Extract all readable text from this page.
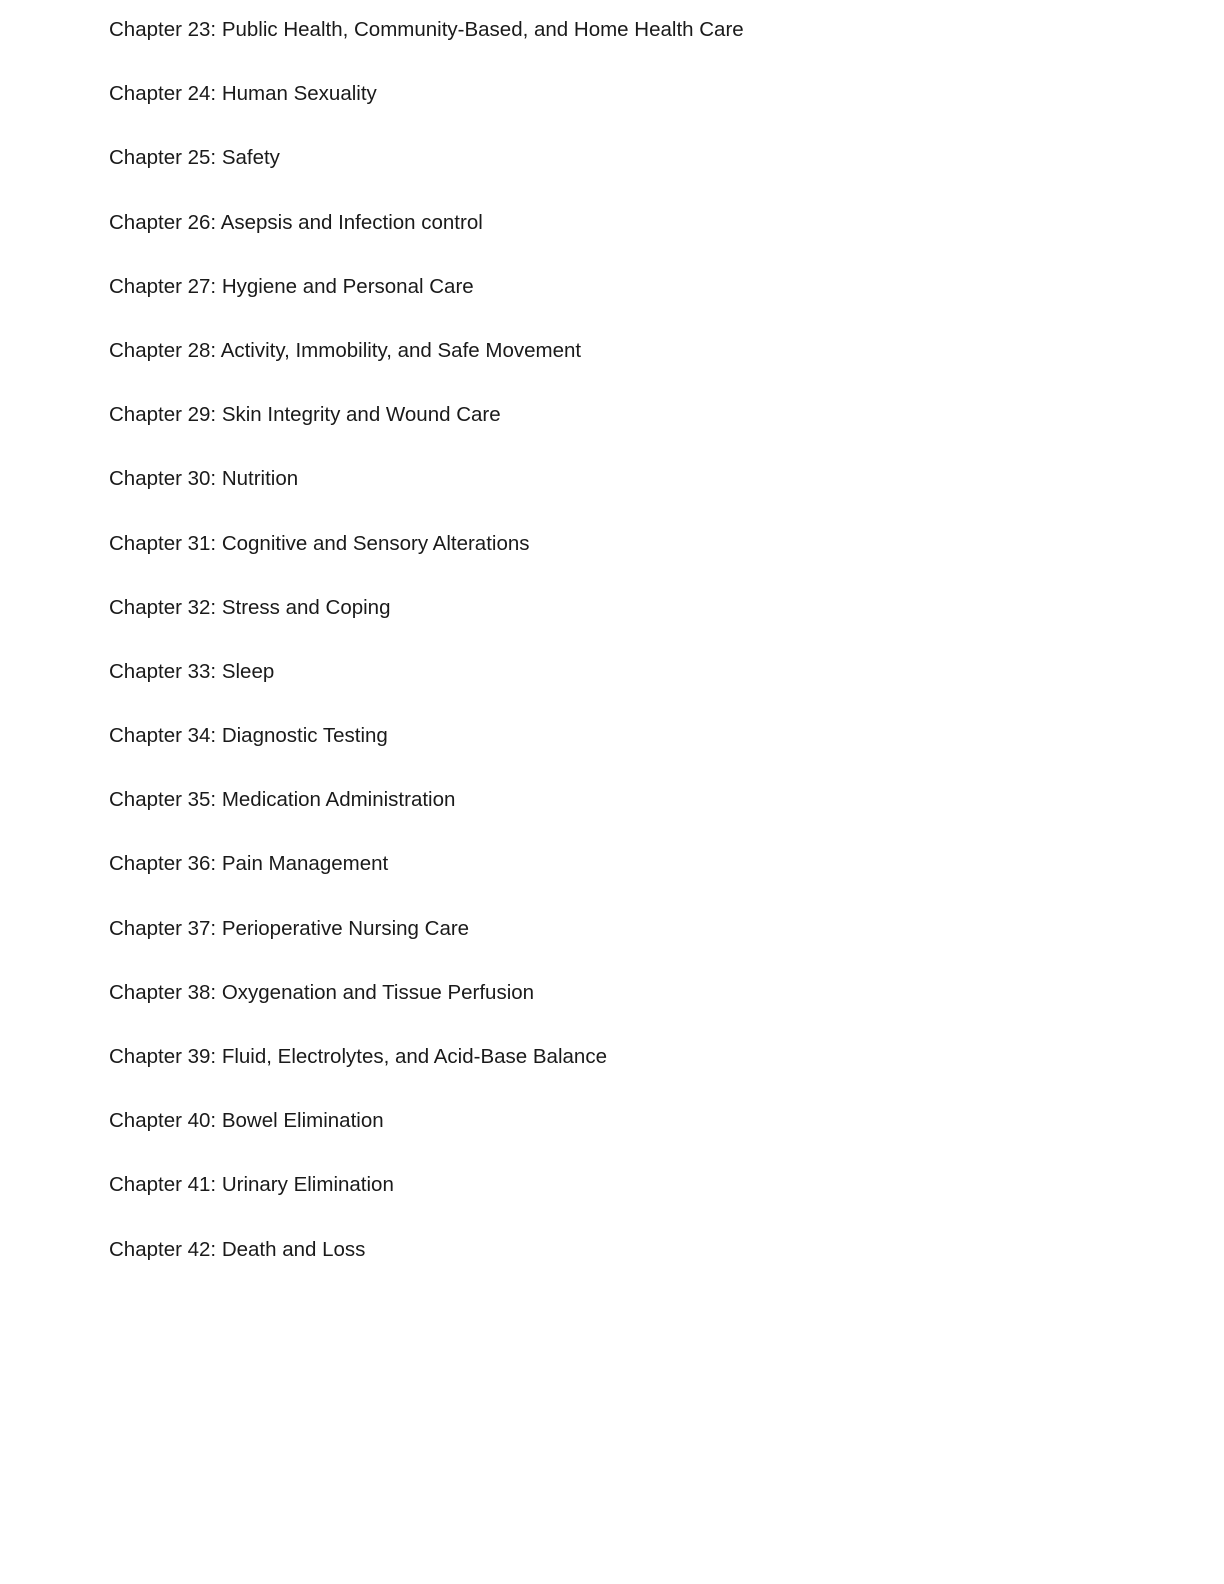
Chapter 23: Public Health, Community-Based, and Home Health Care
Chapter 24: Human Sexuality
Chapter 25: Safety
Chapter 26: Asepsis and Infection control
Chapter 27: Hygiene and Personal Care
Chapter 28: Activity, Immobility, and Safe Movement
Chapter 29: Skin Integrity and Wound Care
Chapter 30: Nutrition
Chapter 31: Cognitive and Sensory Alterations
Chapter 32: Stress and Coping
Chapter 33: Sleep
Chapter 34: Diagnostic Testing
Chapter 35: Medication Administration
Chapter 36: Pain Management
Chapter 37: Perioperative Nursing Care
Chapter 38: Oxygenation and Tissue Perfusion
Chapter 39: Fluid, Electrolytes, and Acid-Base Balance
Chapter 40: Bowel Elimination
Chapter 41: Urinary Elimination
Chapter 42: Death and Loss
